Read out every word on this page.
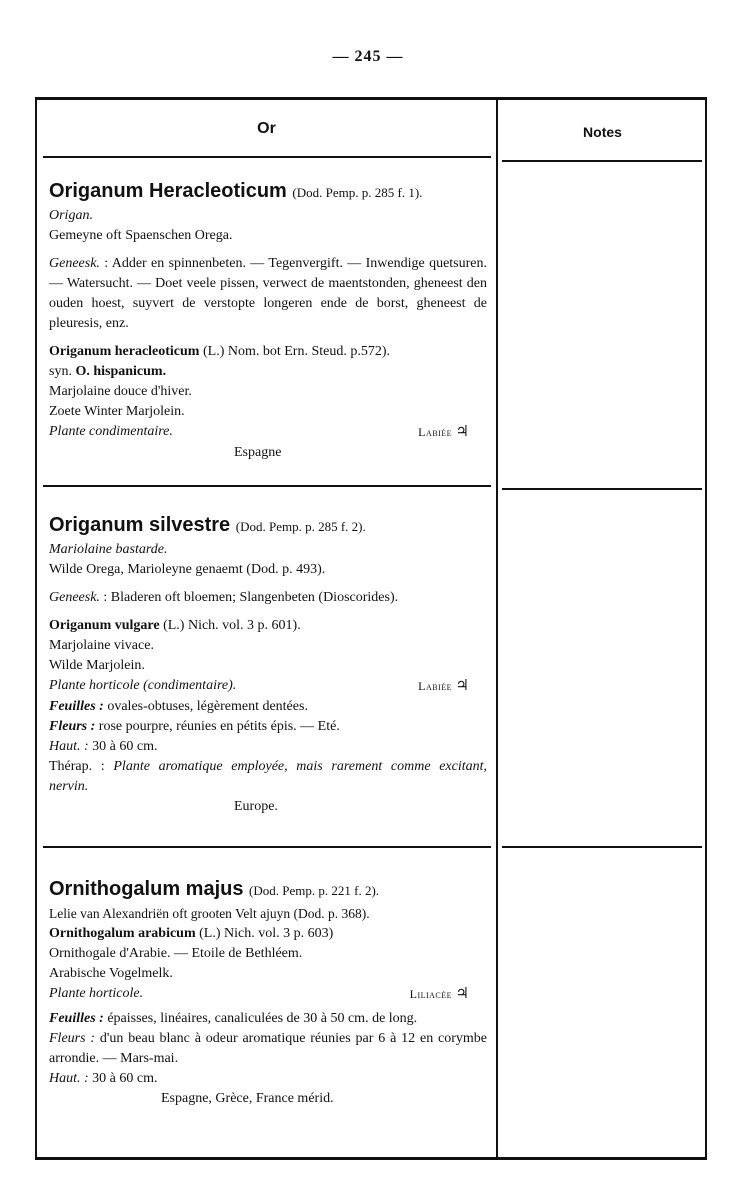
— 245 —
Or	Notes
Origanum Heracleoticum (Dod. Pemp. p. 285 f. 1).
Origan.
Gemeyne oft Spaenschen Orega.
Geneesk. : Adder en spinnenbeten. — Tegenvergift. — Inwendige quetsuren. — Watersucht. — Doet veele pissen, verwect de maentstonden, gheneest den ouden hoest, suyvert de verstopte longeren ende de borst, gheneest de pleuresis, enz.
Origanum heracleoticum (L.) Nom. bot Ern. Steud. p.572).
syn. O. hispanicum.
Marjolaine douce d'hiver.
Zoete Winter Marjolein.
Plante condimentaire.	Labiée ♃
Espagne
Origanum silvestre (Dod. Pemp. p. 285 f. 2).
Mariolaine bastarde.
Wilde Orega, Marioleyne genaemt (Dod. p. 493).
Geneesk. : Bladeren oft bloemen; Slangenbeten (Dioscorides).
Origanum vulgare (L.) Nich. vol. 3 p. 601).
Marjolaine vivace.
Wilde Marjolein.
Plante horticole (condimentaire).	Labiée ♃
Feuilles : ovales-obtuses, légèrement dentées.
Fleurs : rose pourpre, réunies en pétits épis. — Eté.
Haut. : 30 à 60 cm.
Thérap. : Plante aromatique employée, mais rarement comme excitant, nervin.
Europe.
Ornithogalum majus (Dod. Pemp. p. 221 f. 2).
Lelie van Alexandriën oft grooten Velt ajuyn (Dod. p. 368).
Ornithogalum arabicum (L.) Nich. vol. 3 p. 603)
Ornithogale d'Arabie. — Etoile de Bethléem.
Arabische Vogelmelk.
Plante horticole.	Liliacée ♃
Feuilles : épaisses, linéaires, canaliculées de 30 à 50 cm. de long.
Fleurs : d'un beau blanc à odeur aromatique réunies par 6 à 12 en corymbe arrondie. — Mars-mai.
Haut. : 30 à 60 cm.
Espagne, Grèce, France mérid.
